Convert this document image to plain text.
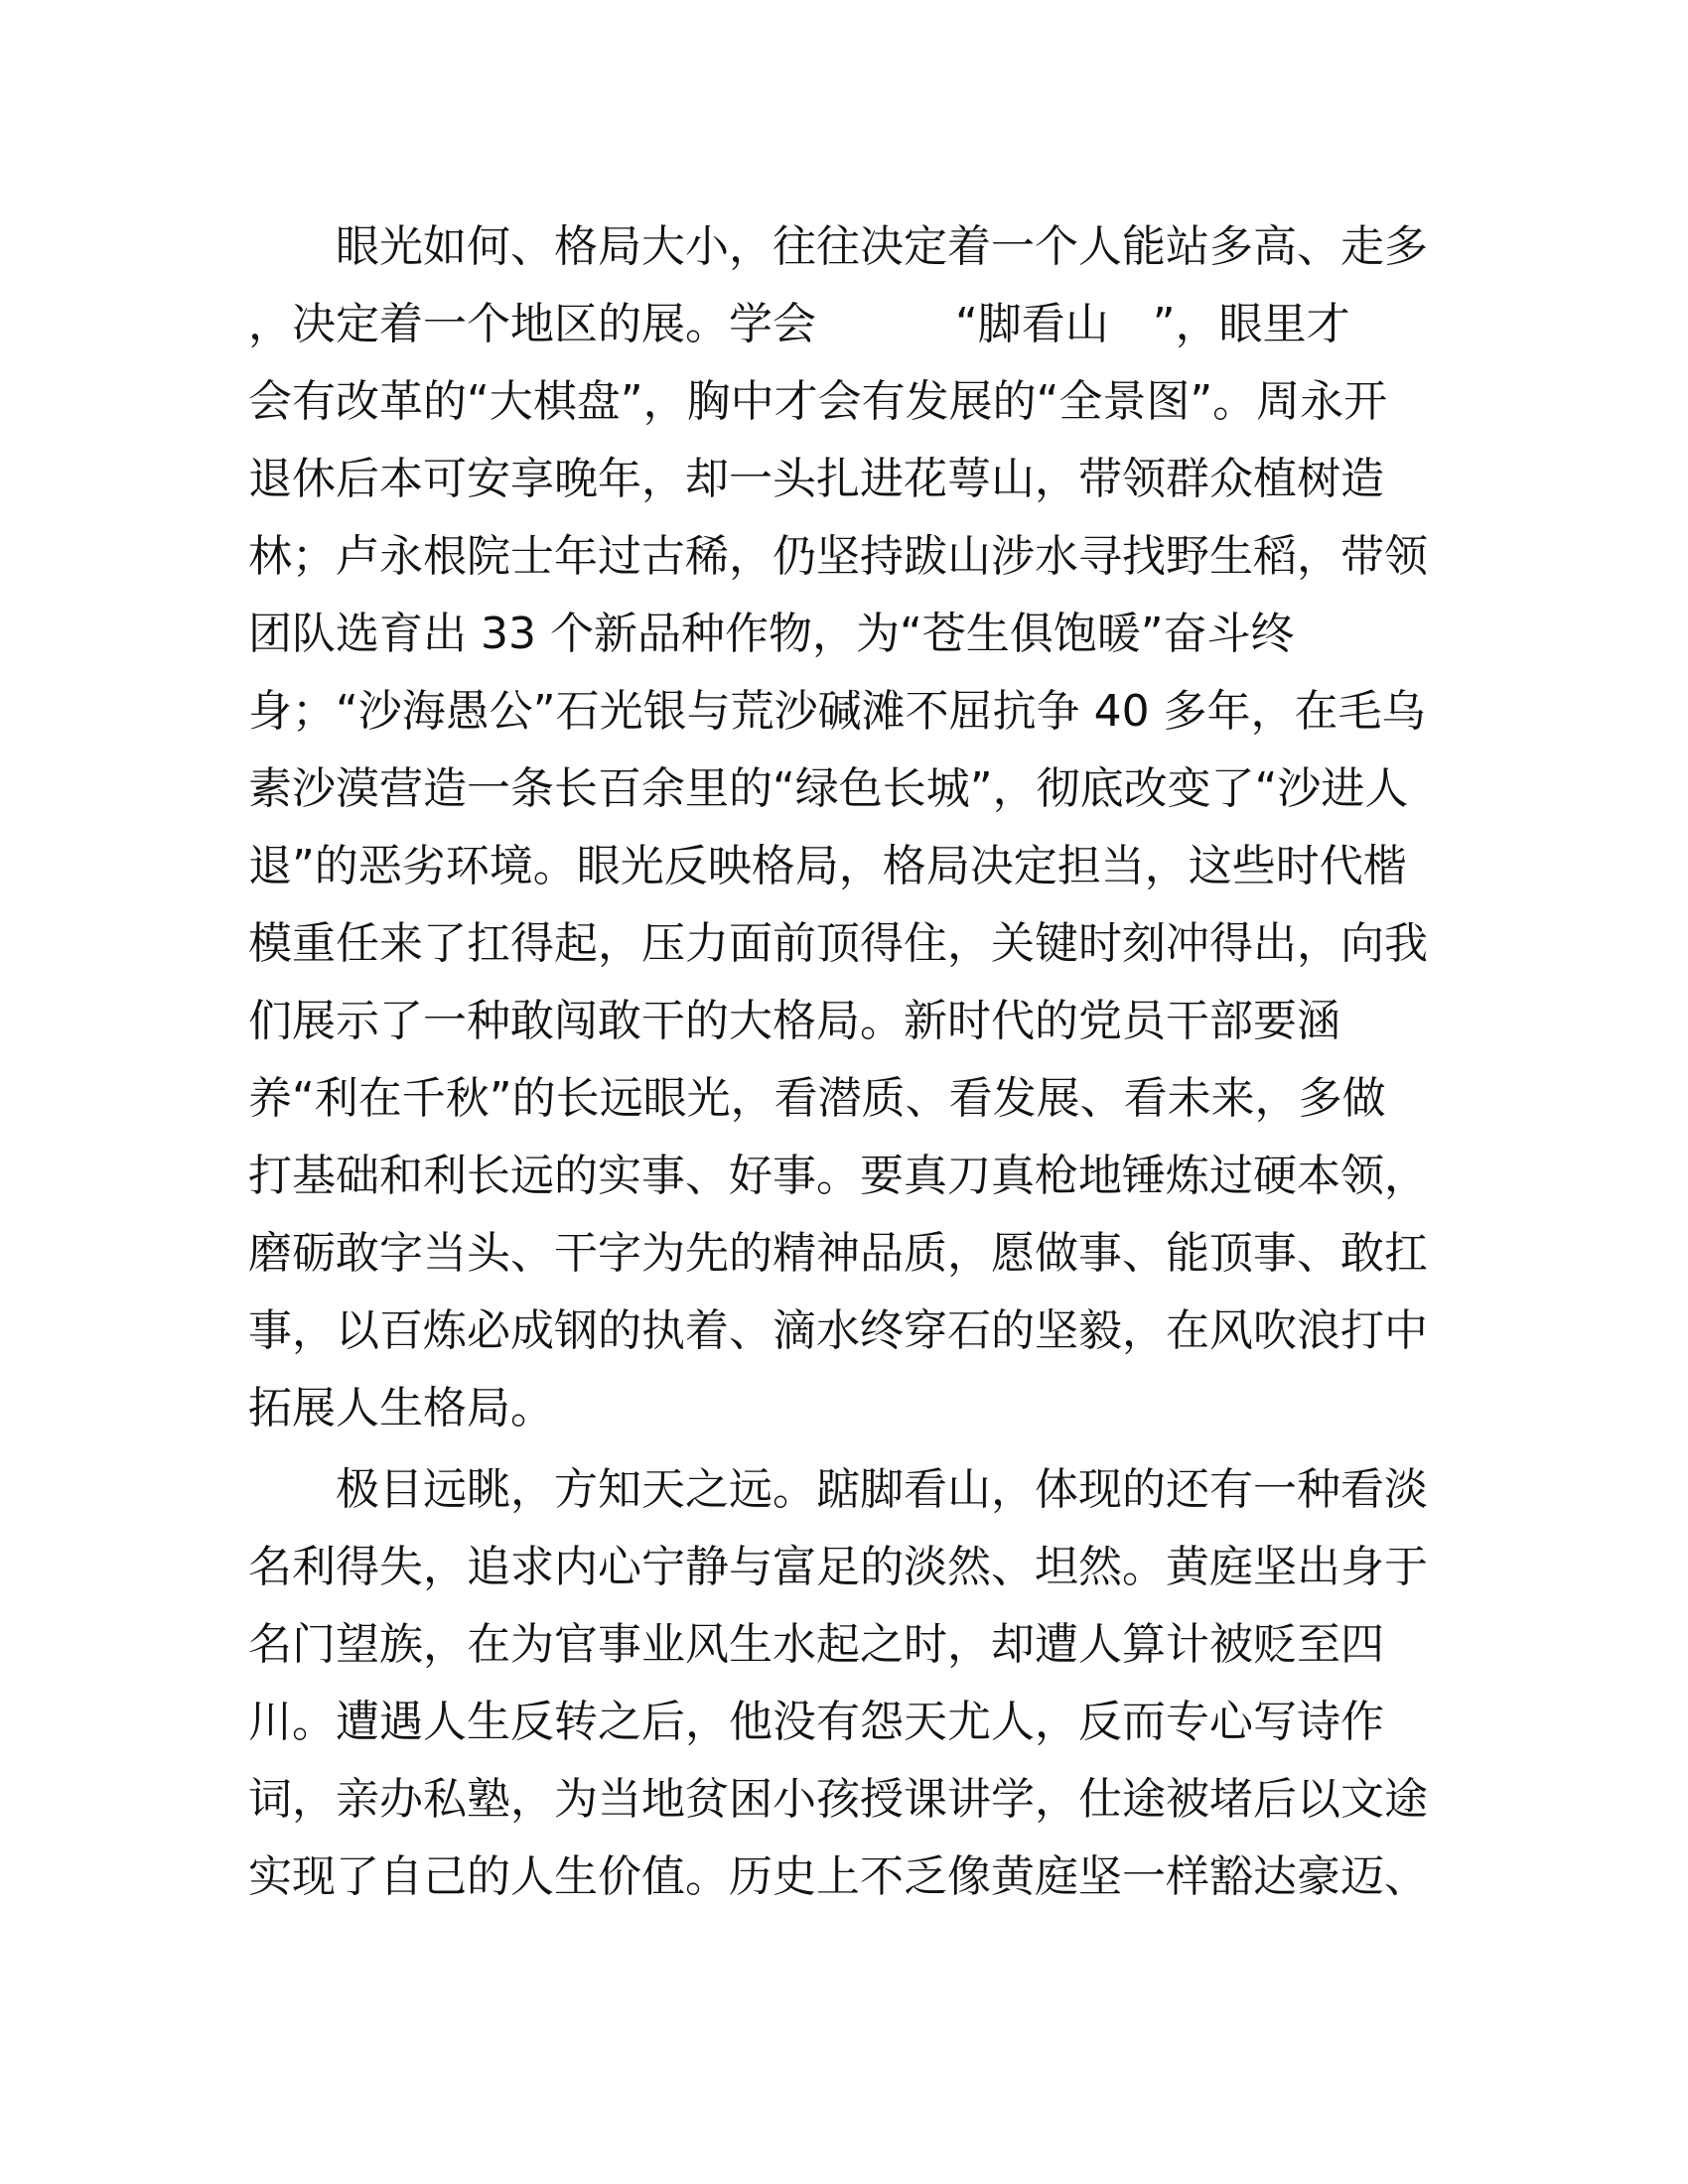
眼光如何、格局大小，往往决定着一个人能站多高、走多
，决定着一个地区的展。学会	“脚看山　”，眼里才
会有改革的“大棋盘”，胸中才会有发展的“全景图”。周永开
退休后本可安享晚年，却一头扎进花萼山，带领群众植树造
林；卢永根院士年过古稀，仍坚持跋山涉水寻找野生稻，带领
团队选育出 33 个新品种作物，为“苍生俱饱暖”奋斗终
身；“沙海愚公”石光银与荒沙碱滩不屈抗争 40 多年，在毛乌
素沙漠营造一条长百余里的“绿色长城”，彻底改变了“沙进人
退”的恶劣环境。眼光反映格局，格局决定担当，这些时代楷
模重任来了扛得起，压力面前顶得住，关键时刻冲得出，向我
们展示了一种敢闯敢干的大格局。新时代的党员干部要涵
养“利在千秋”的长远眼光，看潜质、看发展、看未来，多做
打基础和利长远的实事、好事。要真刀真枪地锤炼过硬本领，
磨砺敢字当头、干字为先的精神品质，愿做事、能顶事、敢扛
事，以百炼必成钢的执着、滴水终穿石的坚毅，在风吹浪打中
拓展人生格局。
极目远眺，方知天之远。踮脚看山，体现的还有一种看淡
名利得失，追求内心宁静与富足的淡然、坦然。黄庭坚出身于
名门望族，在为官事业风生水起之时，却遭人算计被贬至四
川。遭遇人生反转之后，他没有怨天尤人，反而专心写诗作
词，亲办私塾，为当地贫困小孩授课讲学，仕途被堵后以文途
实现了自己的人生价值。历史上不乏像黄庭坚一样豁达豪迈、
